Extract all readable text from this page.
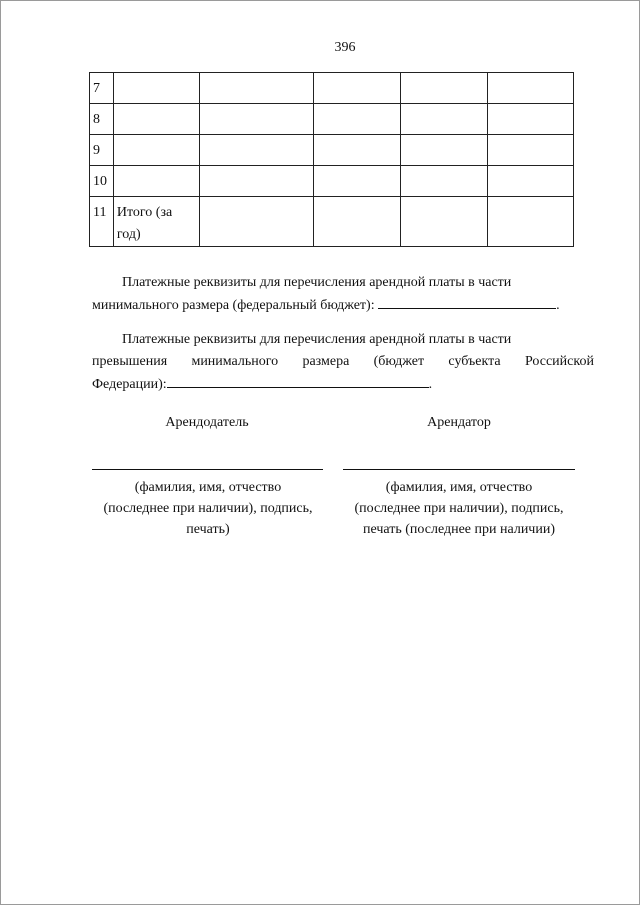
396
7					
8					
9					
10					
11	Итого (за
год)				

Платежные реквизиты для перечисления арендной платы в части
минимального размера (федеральный бюджет):	.
Платежные реквизиты для перечисления арендной платы в части
превышения минимального размера (бюджет субъекта Российской
Федерации):	.
Арендодатель	Арендатор
(фамилия, имя, отчество
(последнее при наличии), подпись,
печать)
(фамилия, имя, отчество
(последнее при наличии), подпись,
печать (последнее при наличии)
